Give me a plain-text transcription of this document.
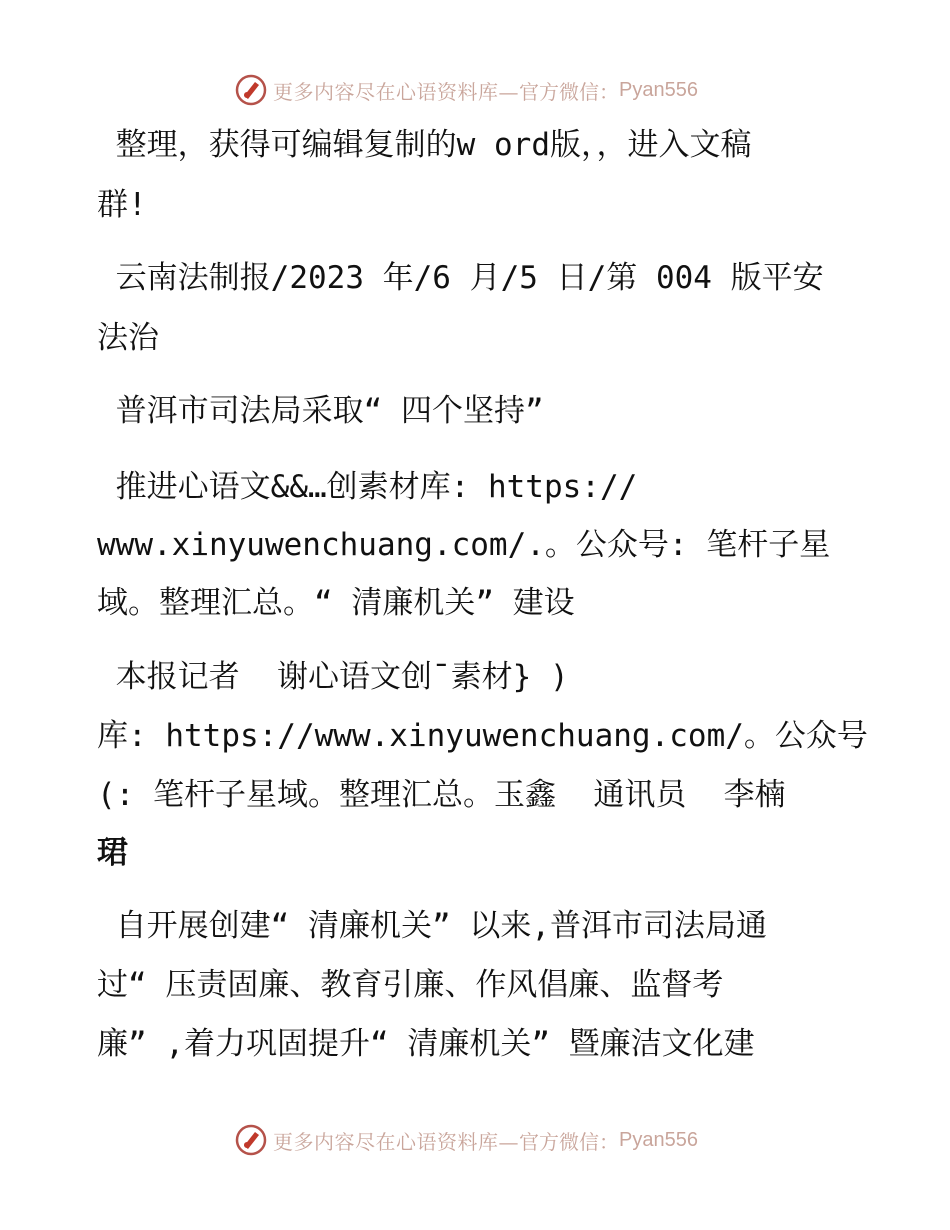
更多内容尽在心语资料库— 官方微信： Pyan556
整理，获得可编辑复制的w ord版，，进入文稿
群!
云南法制报/2023 年/6 月/5 日/第 004 版平安
法治
普洱市司法局采取“ 四个坚持”
推进心语文&&…创素材库: https://
www.xinyuwenchuang.com/.。公众号: 笔杆子星
域。整理汇总。“ 清廉机关” 建设
本报记者  谢心语文创¯素材} )
库: https://www.xinyuwenchuang.com/。公众号
(: 笔杆子星域。整理汇总。玉鑫  通讯员  李楠
珺
自开展创建“ 清廉机关” 以来,普洱市司法局通
过“ 压责固廉、教育引廉、作风倡廉、监督考
廉” ,着力巩固提升“ 清廉机关” 暨廉洁文化建
更多内容尽在心语资料库— 官方微信： Pyan556
